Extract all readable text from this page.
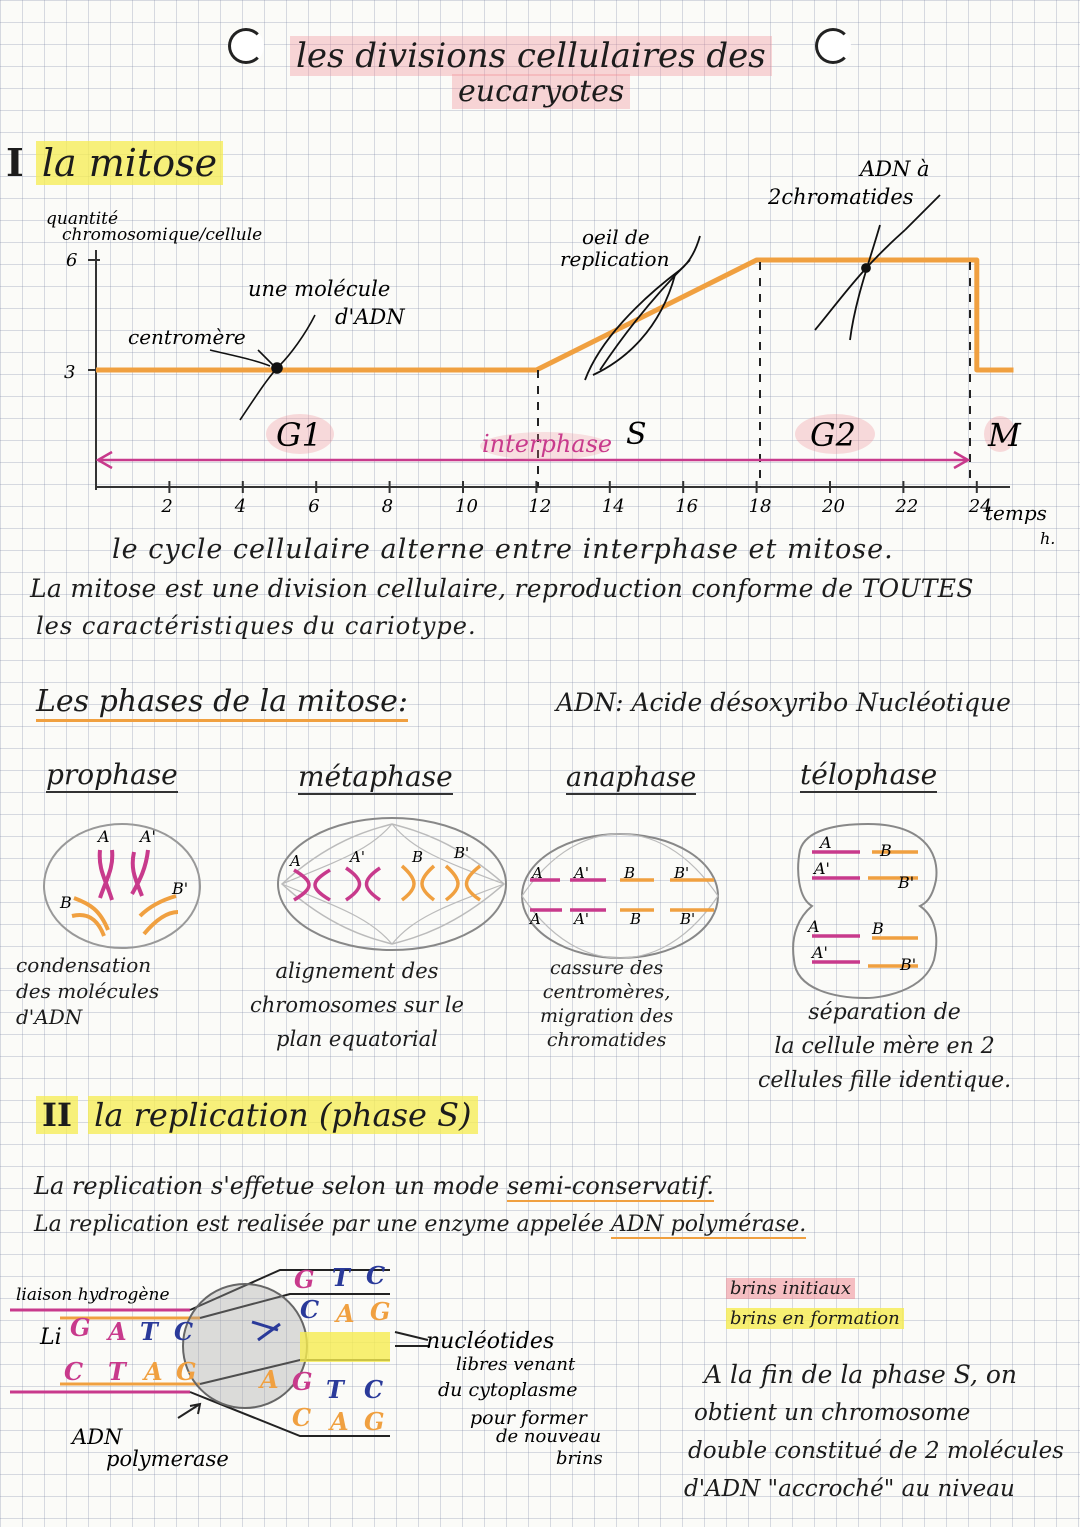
les divisions cellulaires des
eucaryotes
I la mitose
quantité
chromosomique/cellule
6
3
2	4	6	8	10	12	14	16	18	20	22	24
temps
h.
G1	S	G2	M
interphase
une molécule
d'ADN
centromère
oeil de
replication
ADN à
2chromatides
le cycle cellulaire alterne entre interphase et mitose.
La mitose est une division cellulaire, reproduction conforme de TOUTES
les caractéristiques du cariotype.
Les phases de la mitose:	ADN: Acide désoxyribo Nucléotique
prophase	métaphase	anaphase	télophase
A A'
B
B'
A	A'	B B'
A A' B	B'
A A'	B	B'
A
A'
B
B'
A
A'
B
B'
condensation
des molécules
d'ADN
alignement des
chromosomes sur le
plan equatorial
cassure des
centromères,
migration des
chromatides
séparation de
la cellule mère en 2
cellules fille identique.
II la replication (phase S)
La replication s'effetue selon un mode semi-conservatif.
La replication est realisée par une enzyme appelée ADN polymérase.
liaison hydrogène
Li G A T C
C T A G
G T C
C A G
A G T C
C A G
nucléotides
libres venant
du cytoplasme
pour former
de nouveau
brins
ADN
polymerase
brins initiaux
brins en formation
A la fin de la phase S, on
obtient un chromosome
double constitué de 2 molécules
d'ADN "accroché" au niveau
